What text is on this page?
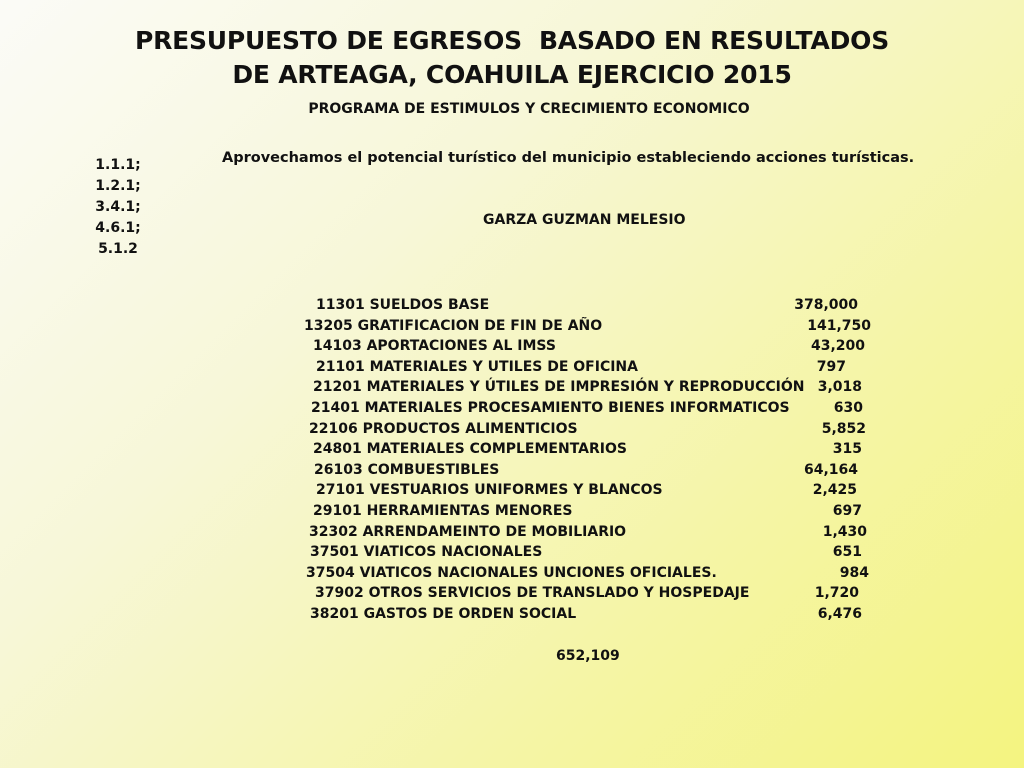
PRESUPUESTO DE EGRESOS  BASADO EN RESULTADOS
DE ARTEAGA, COAHUILA EJERCICIO 2015
PROGRAMA DE ESTIMULOS Y CRECIMIENTO ECONOMICO
1.1.1;
1.2.1;
3.4.1;
4.6.1;
5.1.2
Aprovechamos el potencial turístico del municipio estableciendo acciones turísticas.
GARZA GUZMAN MELESIO
11301 SUELDOS BASE	378,000
13205 GRATIFICACION DE FIN DE AÑO	141,750
14103 APORTACIONES AL IMSS	43,200
21101 MATERIALES Y UTILES DE OFICINA	797
21201 MATERIALES Y ÚTILES DE IMPRESIÓN Y REPRODUCCIÓN 3,018
21401 MATERIALES PROCESAMIENTO BIENES INFORMATICOS	630
22106 PRODUCTOS ALIMENTICIOS	5,852
24801 MATERIALES COMPLEMENTARIOS	315
26103 COMBUESTIBLES	64,164
27101 VESTUARIOS UNIFORMES Y BLANCOS	2,425
29101 HERRAMIENTAS MENORES	697
32302 ARRENDAMEINTO DE MOBILIARIO	1,430
37501 VIATICOS NACIONALES	651
37504 VIATICOS NACIONALES UNCIONES OFICIALES.	984
37902 OTROS SERVICIOS DE TRANSLADO Y HOSPEDAJE	1,720
38201 GASTOS DE ORDEN SOCIAL	6,476
652,109
